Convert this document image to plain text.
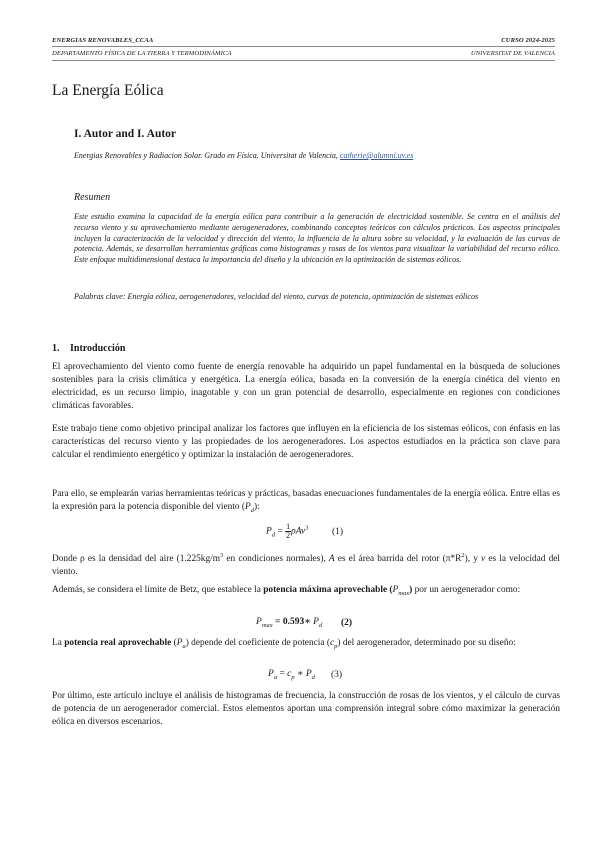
ENERGIAS RENOVABLES_CCAA
DEPARTAMENTO FÍSICA DE LA TIERRA Y TERMODINÁMICA
CURSO 2024-2025
UNIVERSITAT DE VALENCIA
La Energía Eólica
I. Autor and I. Autor
Energias Renovables y Radiacion Solar. Grado en Física. Universitat de Valencia, catherie@alumni.uv.es
Resumen
Este estudio examina la capacidad de la energía eólica para contribuir a la generación de electricidad sostenible. Se centra en el análisis del recurso viento y su aprovechamiento mediante aerogeneradores, combinando conceptos teóricos con cálculos prácticos. Los aspectos principales incluyen la caracterización de la velocidad y dirección del viento, la influencia de la altura sobre su velocidad, y la evaluación de las curvas de potencia. Además, se desarrollan herramientas gráficas como histogramas y rosas de los vientos para visualizar la variabilidad del recurso eólico. Este enfoque multidimensional destaca la importancia del diseño y la ubicación en la optimización de sistemas eólicos.
Palabras clave: Energía eólica, aerogeneradores, velocidad del viento, curvas de potencia, optimización de sistemas eólicos
1. Introducción
El aprovechamiento del viento como fuente de energía renovable ha adquirido un papel fundamental en la búsqueda de soluciones sostenibles para la crisis climática y energética. La energía eólica, basada en la conversión de la energía cinética del viento en electricidad, es un recurso limpio, inagotable y con un gran potencial de desarrollo, especialmente en regiones con condiciones climáticas favorables.
Este trabajo tiene como objetivo principal analizar los factores que influyen en la eficiencia de los sistemas eólicos, con énfasis en las características del recurso viento y las propiedades de los aerogeneradores. Los aspectos estudiados en la práctica son clave para calcular el rendimiento energético y optimizar la instalación de aerogeneradores.
Para ello, se emplearán varias herramientas teóricas y prácticas, basadas enecuaciones fundamentales de la energía eólica. Entre ellas es la expresión para la potencia disponible del viento $(P_d)$:
$P_d = \frac{1}{2} \rho Av^3$ (1)
Donde ρ es la densidad del aire ($1.225kg/m^3$ en condiciones normales), A es el área barrida del rotor $(\pi*R^2)$, y v es la velocidad del viento.
Además, se considera el límite de Betz, que establece la potencia máxima aprovechable $(P_{max})$ por un aerogenerador como:
$P_{max}$ = 0.593∗ $P_d$ (2)
La potencia real aprovechable $(P_a)$ depende del coeficiente de potencia $(c_p)$ del aerogenerador, determinado por su diseño:
$P_a = c_p$ ∗ $P_d$ (3)
Por último, este artículo incluye el análisis de histogramas de frecuencia, la construcción de rosas de los vientos, y el cálculo de curvas de potencia de un aerogenerador comercial. Estos elementos aportan una comprensión integral sobre cómo maximizar la generación eólica en diversos escenarios.
